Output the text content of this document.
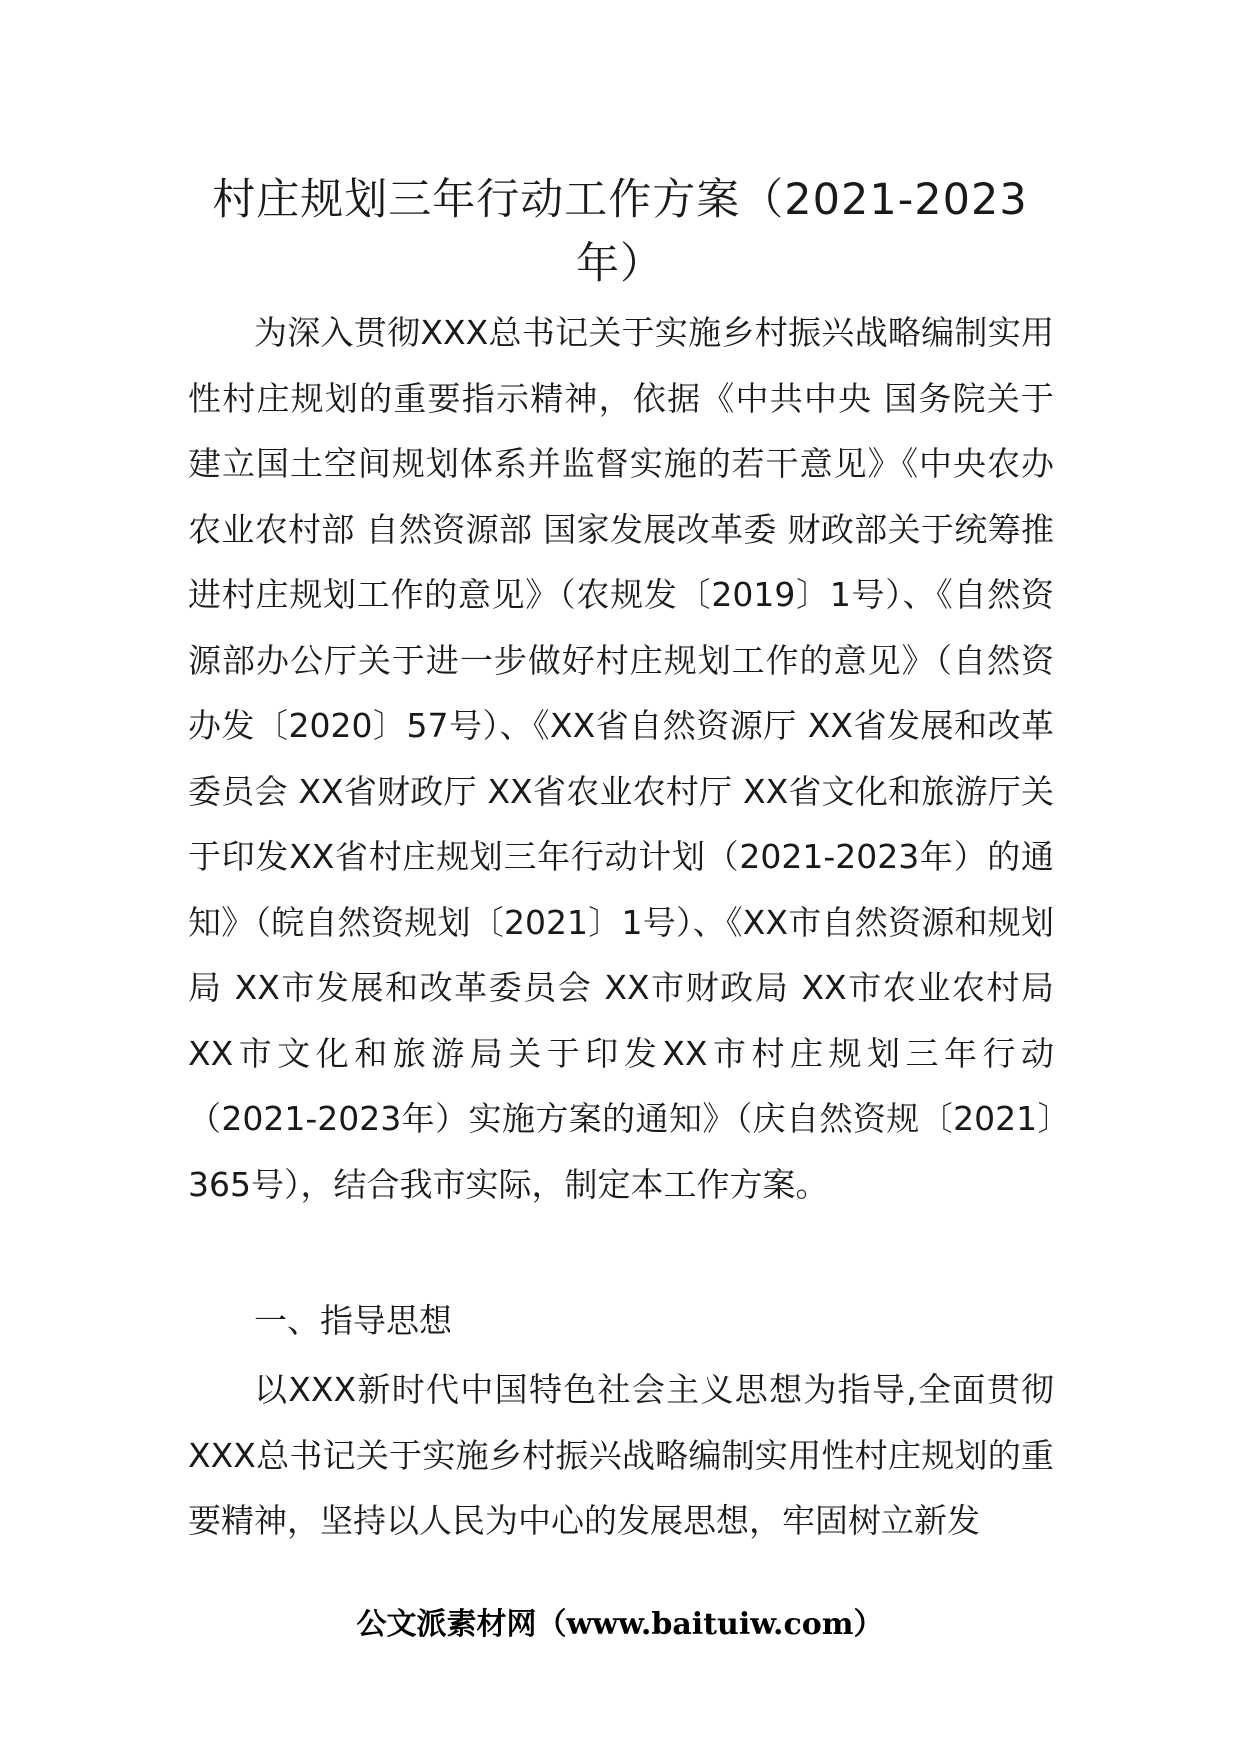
村庄规划三年行动工作方案（2021-2023年）

为深入贯彻XXX总书记关于实施乡村振兴战略编制实用性村庄规划的重要指示精神，依据《中共中央 国务院关于建立国土空间规划体系并监督实施的若干意见》《中央农办 农业农村部 自然资源部 国家发展改革委 财政部关于统筹推进村庄规划工作的意见》（农规发〔2019〕1号）、《自然资源部办公厅关于进一步做好村庄规划工作的意见》（自然资办发〔2020〕57号）、《XX省自然资源厅 XX省发展和改革委员会 XX省财政厅 XX省农业农村厅 XX省文化和旅游厅关于印发XX省村庄规划三年行动计划（2021-2023年）的通知》（皖自然资规划〔2021〕1号）、《XX市自然资源和规划局 XX市发展和改革委员会 XX市财政局 XX市农业农村局 XX市文化和旅游局关于印发XX市村庄规划三年行动（2021-2023年）实施方案的通知》（庆自然资规〔2021〕365号），结合我市实际，制定本工作方案。

一、指导思想

以XXX新时代中国特色社会主义思想为指导,全面贯彻XXX总书记关于实施乡村振兴战略编制实用性村庄规划的重要精神，坚持以人民为中心的发展思想，牢固树立新发

公文派素材网（www.baituiw.com）
